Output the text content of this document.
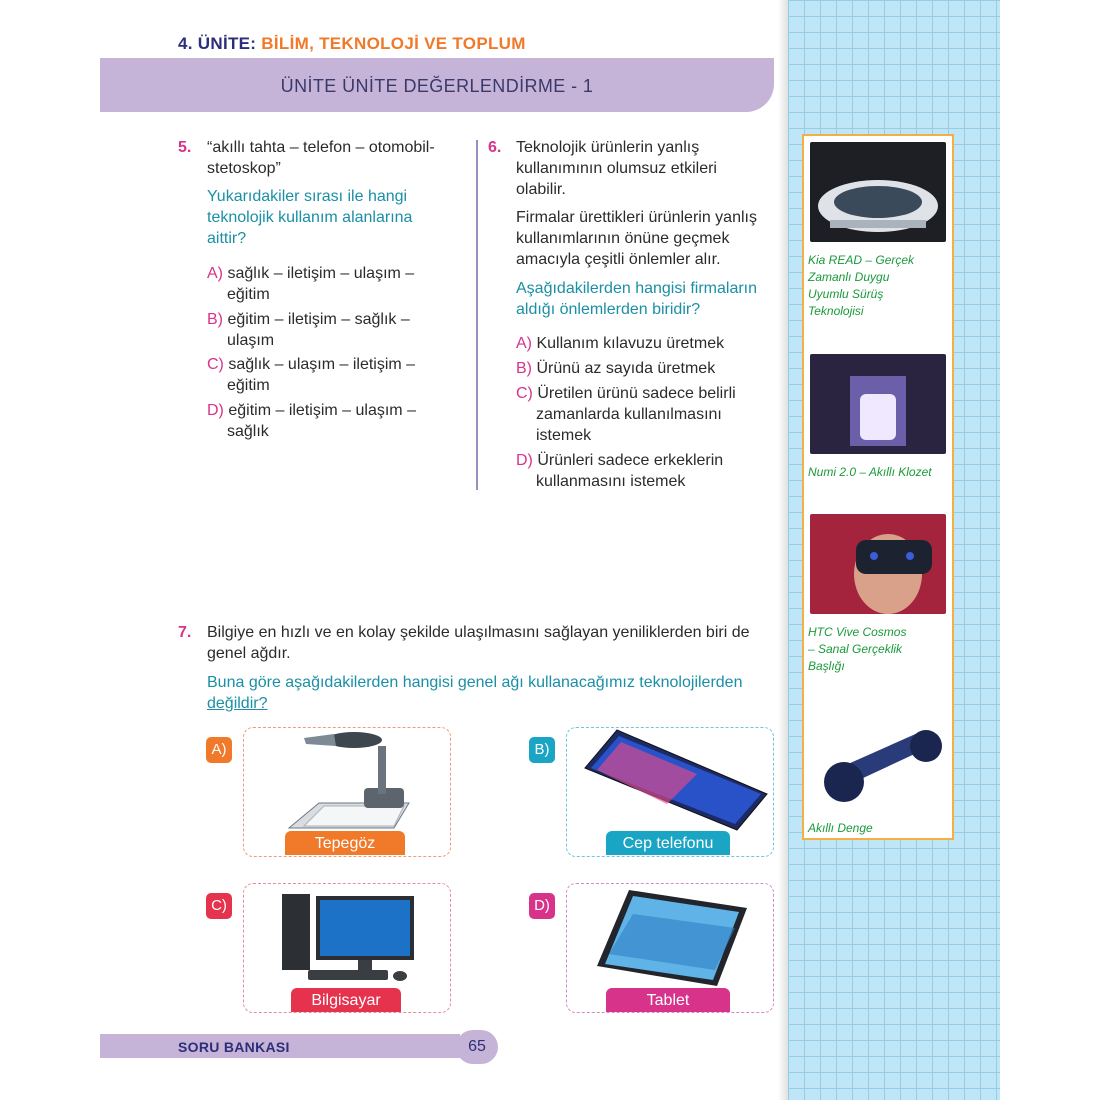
4. ÜNİTE: BİLİM, TEKNOLOJİ VE TOPLUM
ÜNİTE ÜNİTE DEĞERLENDİRME - 1
5. “akıllı tahta – telefon – otomobil-
stetoskop”
Yukarıdakiler sırası ile hangi
teknolojik kullanım alanlarına
aittir?
A) sağlık – iletişim – ulaşım –
eğitim
B) eğitim – iletişim – sağlık –
ulaşım
C) sağlık – ulaşım – iletişim –
eğitim
D) eğitim – iletişim – ulaşım –
sağlık
6. Teknolojik ürünlerin yanlış
kullanımının olumsuz etkileri
olabilir.
Firmalar ürettikleri ürünlerin yanlış
kullanımlarının önüne geçmek
amacıyla çeşitli önlemler alır.
Aşağıdakilerden hangisi firmaların
aldığı önlemlerden biridir?
A) Kullanım kılavuzu üretmek
B) Ürünü az sayıda üretmek
C) Üretilen ürünü sadece belirli
zamanlarda kullanılmasını
istemek
D) Ürünleri sadece erkeklerin
kullanmasını istemek
7. Bilgiye en hızlı ve en kolay şekilde ulaşılmasını sağlayan yeniliklerden biri de
genel ağdır.
Buna göre aşağıdakilerden hangisi genel ağı kullanacağımız teknolojilerden
değildir?
A)
Tepegöz
B)
Cep telefonu
C)
Bilgisayar
D)
Tablet
Kia READ – Gerçek
Zamanlı Duygu
Uyumlu Sürüş
Teknolojisi
Numi 2.0 – Akıllı Klozet
HTC Vive Cosmos
– Sanal Gerçeklik
Başlığı
Akıllı Denge
SORU BANKASI	65
